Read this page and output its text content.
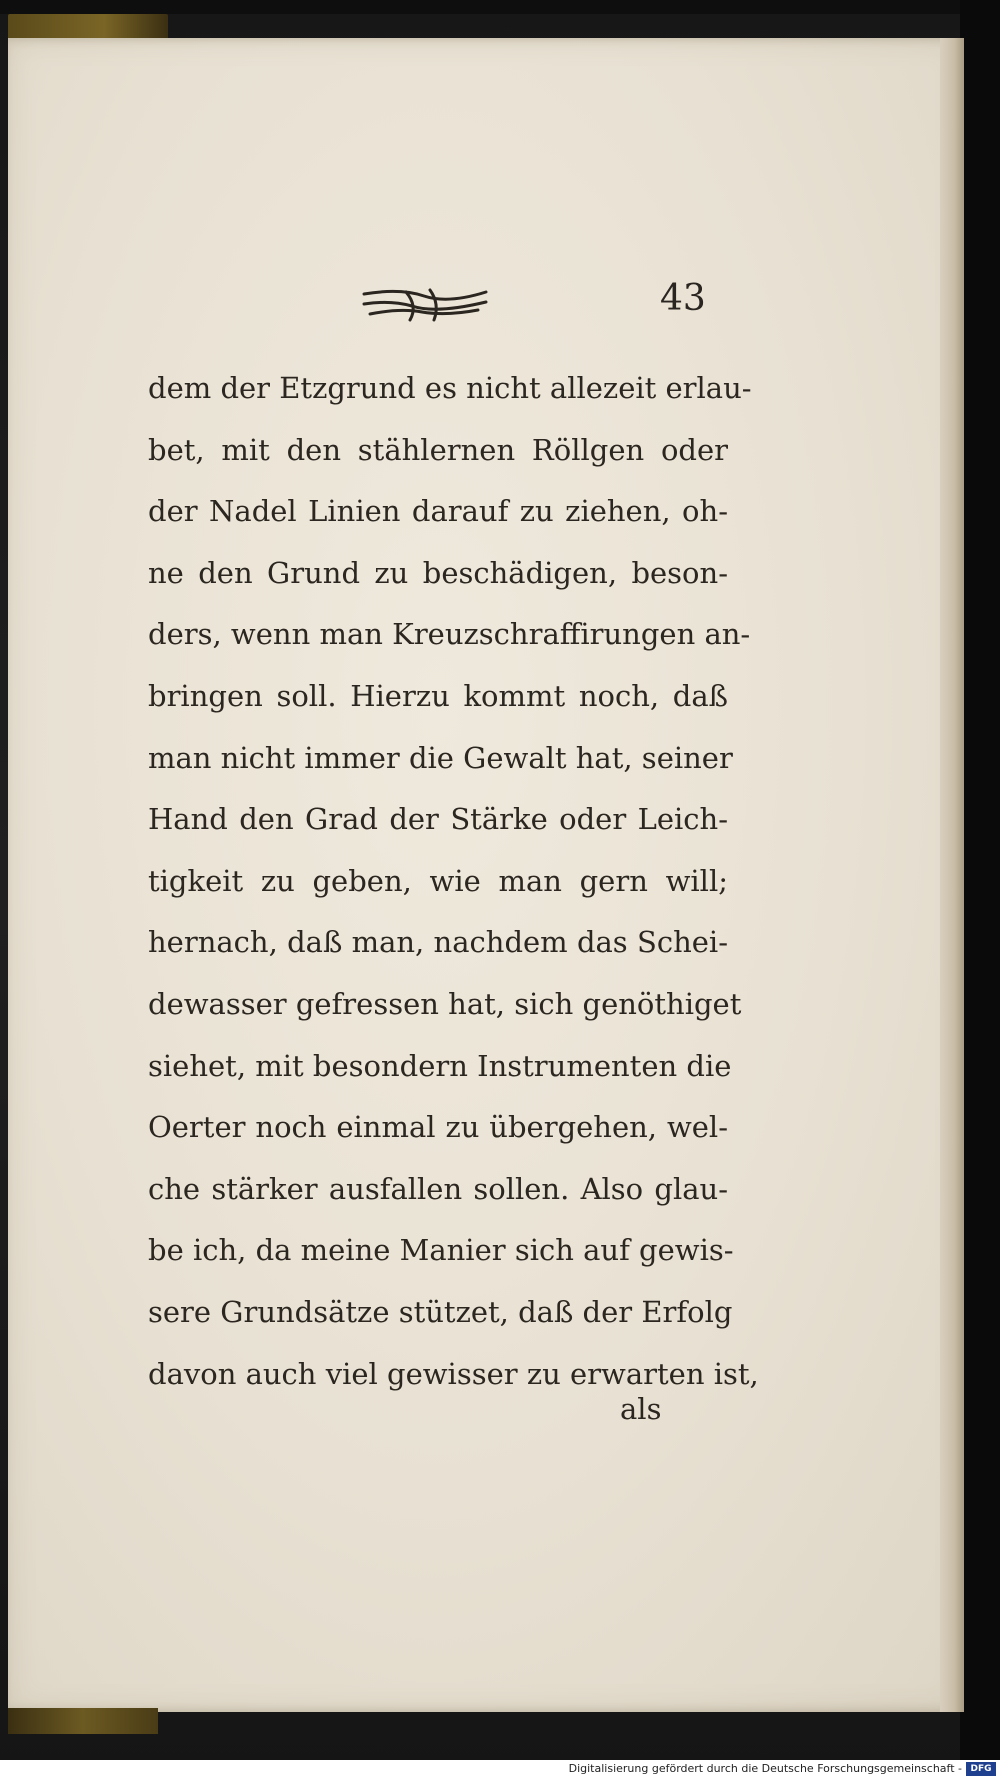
43
dem der Etzgrund es nicht allezeit erlau-
bet, mit den stählernen Röllgen oder
der Nadel Linien darauf zu ziehen, oh-
ne den Grund zu beschädigen, beson-
ders, wenn man Kreuzschraffirungen an-
bringen soll. Hierzu kommt noch, daß
man nicht immer die Gewalt hat, seiner
Hand den Grad der Stärke oder Leich-
tigkeit zu geben, wie man gern will;
hernach, daß man, nachdem das Schei-
dewasser gefressen hat, sich genöthiget
siehet, mit besondern Instrumenten die
Oerter noch einmal zu übergehen, wel-
che stärker ausfallen sollen. Also glau-
be ich, da meine Manier sich auf gewis-
sere Grundsätze stützet, daß der Erfolg
davon auch viel gewisser zu erwarten ist,
als
Digitalisierung gefördert durch die Deutsche Forschungsgemeinschaft - DFG
